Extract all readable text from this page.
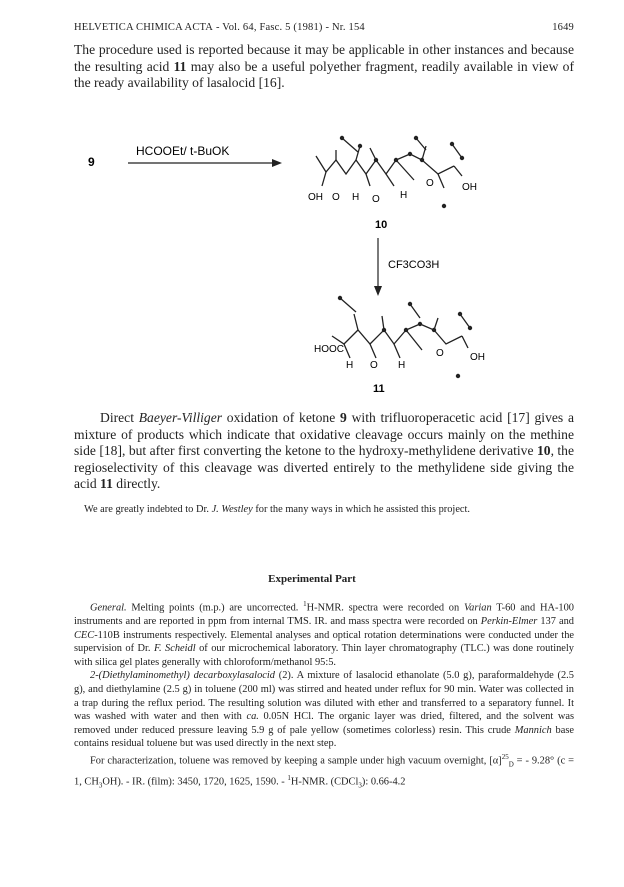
HELVETICA CHIMICA ACTA - Vol. 64, Fasc. 5 (1981) - Nr. 154	1649

The procedure used is reported because it may be applicable in other instances and because the resulting acid 11 may also be a useful polyether fragment, readily available in view of the ready availability of lasalocid [16].

9
HCOOEt/ t-BuOK
OH O H O H
O	OH
10
CF3CO3H
HOOC
H O H
O	OH
11

Direct Baeyer-Villiger oxidation of ketone 9 with trifluoroperacetic acid [17] gives a mixture of products which indicate that oxidative cleavage occurs mainly on the methine side [18], but after first converting the ketone to the hydroxy-methylidene derivative 10, the regioselectivity of this cleavage was diverted entirely to the methylidene side giving the acid 11 directly.

We are greatly indebted to Dr. J. Westley for the many ways in which he assisted this project.
Experimental Part

General. Melting points (m.p.) are uncorrected. $^1$H-NMR. spectra were recorded on Varian T-60 and HA-100 instruments and are reported in ppm from internal TMS. IR. and mass spectra were recorded on Perkin-Elmer 137 and CEC-110B instruments respectively. Elemental analyses and optical rotation determinations were conducted under the supervision of Dr. F. Scheidl of our microchemical laboratory. Thin layer chromatography (TLC.) was done routinely with silica gel plates generally with chloroform/methanol 95:5.

2-(Diethylaminomethyl) decarboxylasalocid (2). A mixture of lasalocid ethanolate (5.0 g), paraformaldehyde (2.5 g), and diethylamine (2.5 g) in toluene (200 ml) was stirred and heated under reflux for 90 min. Water was collected in a trap during the reflux period. The resulting solution was diluted with ether and transferred to a separatory funnel. It was washed with water and then with ca. 0.05N HCl. The organic layer was dried, filtered, and the solvent was removed under reduced pressure leaving 5.9 g of pale yellow (sometimes colorless) resin. This crude Mannich base contains residual toluene but was used directly in the next step.

For characterization, toluene was removed by keeping a sample under high vacuum overnight, $[\alpha]^{25}_D$ = - 9.28° (c = 1, $CH_3OH$). - IR. (film): 3450, 1720, 1625, 1590. - $^1$H-NMR. (CDCl$_3$): 0.66-4.2
